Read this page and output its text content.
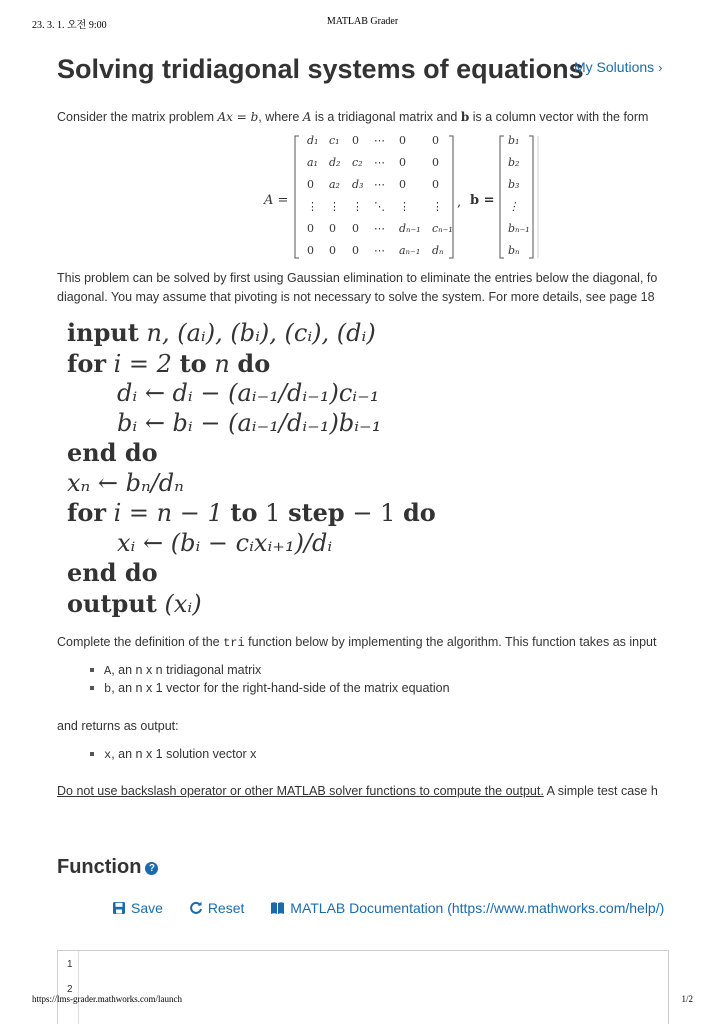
23. 3. 1. 오전 9:00	MATLAB Grader
Solving tridiagonal systems of equations
My Solutions ›
Consider the matrix problem Ax = b, where A is a tridiagonal matrix and b is a column vector with the form
A =
d₁ c₁ 0 ⋯ 0 0
a₁ d₂ c₂ ⋯ 0 0
0 a₂ d₃ ⋯ 0 0
⋮ ⋮ ⋮ ⋱ ⋮ ⋮
0 0 0 ⋯ dₙ₋₁ cₙ₋₁
0 0 0 ⋯ aₙ₋₁ dₙ
, b =
b₁
b₂
b₃
⋮
bₙ₋₁
bₙ
This problem can be solved by first using Gaussian elimination to eliminate the entries below the diagonal, fo
diagonal. You may assume that pivoting is not necessary to solve the system. For more details, see page 18
input n, (aᵢ), (bᵢ), (cᵢ), (dᵢ)
for i = 2 to n do
dᵢ ← dᵢ − (aᵢ₋₁/dᵢ₋₁)cᵢ₋₁
bᵢ ← bᵢ − (aᵢ₋₁/dᵢ₋₁)bᵢ₋₁
end do
xₙ ← bₙ/dₙ
for i = n − 1 to 1 step − 1 do
xᵢ ← (bᵢ − cᵢxᵢ₊₁)/dᵢ
end do
output (xᵢ)
Complete the definition of the tri function below by implementing the algorithm. This function takes as input
A, an n x n tridiagonal matrix
b, an n x 1 vector for the right-hand-side of the matrix equation
and returns as output:
x, an n x 1 solution vector x
Do not use backslash operator or other MATLAB solver functions to compute the output. A simple test case h
Function ?
Save
	Reset
	MATLAB Documentation (https://www.mathworks.com/help/)
1
2
https://lms-grader.mathworks.com/launch	1/2
